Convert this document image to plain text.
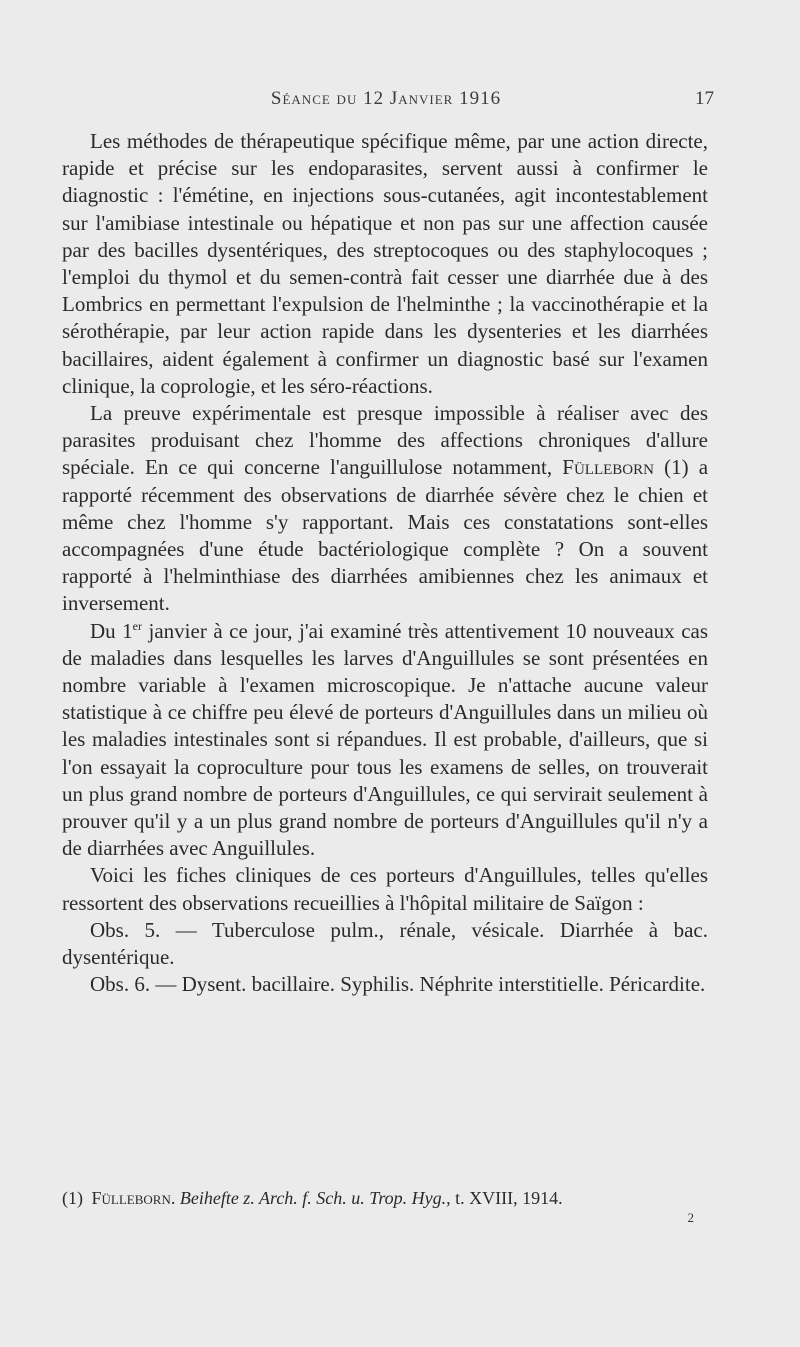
Séance du 12 Janvier 1916	17

Les méthodes de thérapeutique spécifique même, par une action directe, rapide et précise sur les endoparasites, servent aussi à confirmer le diagnostic : l'émétine, en injections sous-cutanées, agit incontestablement sur l'amibiase intestinale ou hépatique et non pas sur une affection causée par des bacilles dysentériques, des streptocoques ou des staphylocoques ; l'emploi du thymol et du semen-contrà fait cesser une diarrhée due à des Lombrics en permettant l'expulsion de l'helminthe ; la vaccinothérapie et la sérothérapie, par leur action rapide dans les dysenteries et les diarrhées bacillaires, aident également à confirmer un diagnostic basé sur l'examen clinique, la coprologie, et les séro-réactions.

La preuve expérimentale est presque impossible à réaliser avec des parasites produisant chez l'homme des affections chroniques d'allure spéciale. En ce qui concerne l'anguillulose notamment, Fülleborn (1) a rapporté récemment des observations de diarrhée sévère chez le chien et même chez l'homme s'y rapportant. Mais ces constatations sont-elles accompagnées d'une étude bactériologique complète ? On a souvent rapporté à l'helminthiase des diarrhées amibiennes chez les animaux et inversement.

Du 1er janvier à ce jour, j'ai examiné très attentivement 10 nouveaux cas de maladies dans lesquelles les larves d'Anguillules se sont présentées en nombre variable à l'examen microscopique. Je n'attache aucune valeur statistique à ce chiffre peu élevé de porteurs d'Anguillules dans un milieu où les maladies intestinales sont si répandues. Il est probable, d'ailleurs, que si l'on essayait la coproculture pour tous les examens de selles, on trouverait un plus grand nombre de porteurs d'Anguillules, ce qui servirait seulement à prouver qu'il y a un plus grand nombre de porteurs d'Anguillules qu'il n'y a de diarrhées avec Anguillules.

Voici les fiches cliniques de ces porteurs d'Anguillules, telles qu'elles ressortent des observations recueillies à l'hôpital militaire de Saïgon :

Obs. 5. — Tuberculose pulm., rénale, vésicale. Diarrhée à bac. dysentérique.

Obs. 6. — Dysent. bacillaire. Syphilis. Néphrite interstitielle. Péricardite.

(1) Fülleborn. Beihefte z. Arch. f. Sch. u. Trop. Hyg., t. XVIII, 1914.
2
